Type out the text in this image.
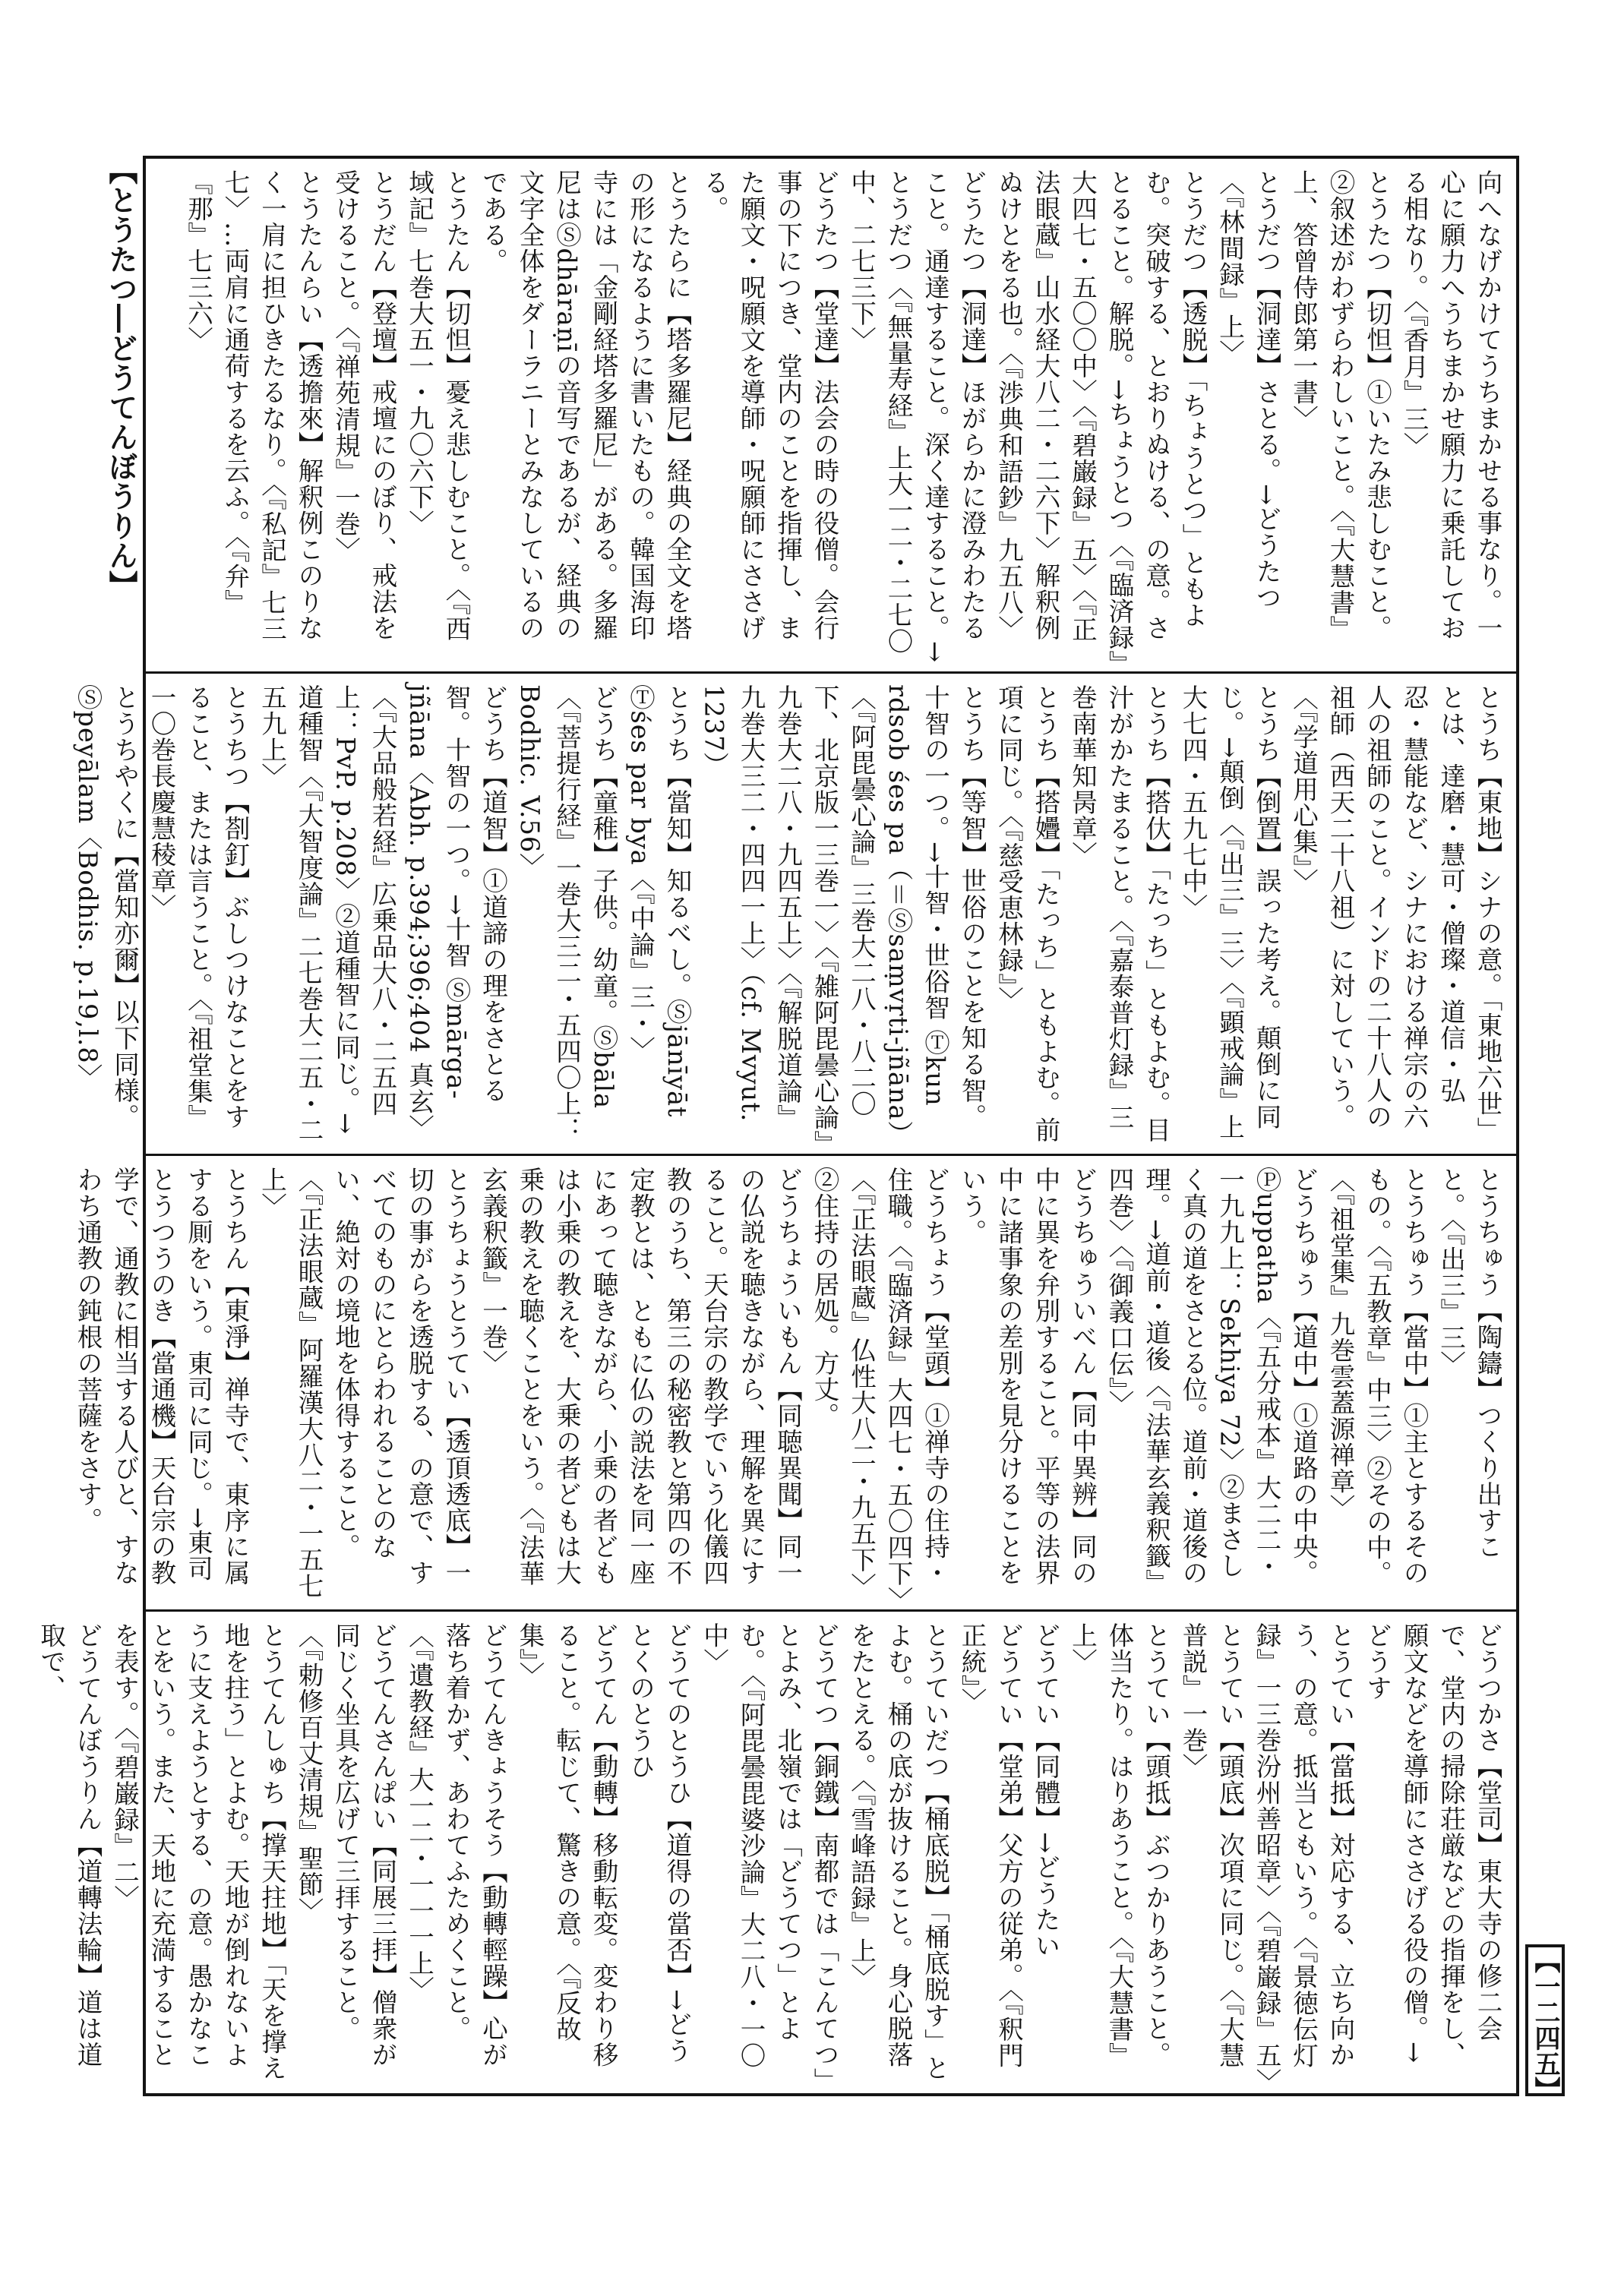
【とうたつ―どうてんぼうりん】	向へなげかけてうちまかせる事なり。一心に願力へうちまかせ願力に乗託しておる相なり。〈『香月』三〉とうたつ【切怛】①いたみ悲しむこと。②叙述がわずらわしいこと。〈『大慧書』上、答曾侍郎第一書〉とうだつ【洞達】さとる。→どうたつ〈『林間録』上〉とうだつ【透脱】「ちょうとつ」ともよむ。突破する、とおりぬける、の意。さとること。解脱。→ちょうとつ〈『臨済録』大四七・五〇〇中〉〈『碧巌録』五〉〈『正法眼蔵』山水経大八二・二六下〉解釈例ぬけとをる也。〈『渉典和語鈔』九五八〉どうたつ【洞達】ほがらかに澄みわたること。通達すること。深く達すること。→とうだつ〈『無量寿経』上大一二・二七〇中、二七三下〉どうたつ【堂達】法会の時の役僧。会行事の下につき、堂内のことを指揮し、また願文・呪願文を導師・呪願師にささげる。とうたらに【塔多羅尼】経典の全文を塔の形になるように書いたもの。韓国海印寺には「金剛経塔多羅尼」がある。多羅尼はⓈdhāraṇīの音写であるが、経典の文字全体をダーラニーとみなしているのである。とうたん【切怛】憂え悲しむこと。〈『西域記』七巻大五一・九〇六下〉とうだん【登壇】戒壇にのぼり、戒法を受けること。〈『禅苑清規』一巻〉とうたんらい【透擔來】解釈例このりなく一肩に担ひきたるなり。〈『私記』七三七〉…両肩に通荷するを云ふ。〈『弁』『那』七三六〉
とうち【東地】シナの意。「東地六世」とは、達磨・慧可・僧璨・道信・弘忍・慧能など、シナにおける禅宗の六人の祖師のこと。インドの二十八人の祖師（西天二十八祖）に対していう。〈『学道用心集』〉とうち【倒置】誤った考え。顛倒に同じ。→顛倒〈『出三』三〉〈『顕戒論』上大七四・五九七中〉とうち【搭㐲】「たっち」ともよむ。目汁がかたまること。〈『嘉泰普灯録』三巻南華知昺章〉とうち【搭㜼】「たっち」ともよむ。前項に同じ。〈『慈受恵林録』〉とうち【等智】世俗のことを知る智。十智の一つ。→十智・世俗智 Ⓣkun rdsob śes pa（＝Ⓢsaṃvṛti-jñāna）〈『阿毘曇心論』三巻大二八・八二〇下、北京版一三巻一〉〈『雑阿毘曇心論』九巻大二八・九四五上〉〈『解脱道論』九巻大三二・四四一上〉（cf. Mvyut. 1237）とうち【當知】知るべし。Ⓢjānīyāt Ⓣśes par bya〈『中論』三・〉どうち【童稚】子供。幼童。Ⓢbāla〈『菩提行経』一巻大三二・五四〇上：Bodhic. V.56〉どうち【道智】①道諦の理をさとる智。十智の一つ。→十智 Ⓢmārga-jñāna〈Abh. p.394;396;404 真玄〉〈『大品般若経』広乗品大八・二五四上：PvP. p.208〉②道種智に同じ。→道種智〈『大智度論』二七巻大二五・二五九上〉とうちつ【剳釘】ぶしつけなことをすること、または言うこと。〈『祖堂集』一〇巻長慶慧稜章〉とうちやくに【當知亦爾】以下同様。Ⓢpeyālam〈Bodhis. p.19,l.8〉
とうちゅう【陶鑄】つくり出すこと。〈『出三』三〉とうちゅう【當中】①主とするそのもの。〈『五教章』中三〉②その中。〈『祖堂集』九巻雲蓋源禅章〉どうちゅう【道中】①道路の中央。Ⓟuppatha〈『五分戒本』大二二・一九九上：Sekhiya 72〉②まさしく真の道をさとる位。道前・道後の理。→道前・道後〈『法華玄義釈籤』四巻〉〈『御義口伝』〉どうちゅういべん【同中異辨】同の中に異を弁別すること。平等の法界中に諸事象の差別を見分けることをいう。どうちょう【堂頭】①禅寺の住持・住職。〈『臨済録』大四七・五〇四下〉〈『正法眼蔵』仏性大八二・九五下〉②住持の居処。方丈。どうちょういもん【同聴異聞】同一の仏説を聴きながら、理解を異にすること。天台宗の教学でいう化儀四教のうち、第三の秘密教と第四の不定教とは、ともに仏の説法を同一座にあって聴きながら、小乗の者どもは小乗の教えを、大乗の者どもは大乗の教えを聴くことをいう。〈『法華玄義釈籤』一巻〉とうちょうとうてい【透頂透底】一切の事がらを透脱する、の意で、すべてのものにとらわれることのない、絶対の境地を体得すること。〈『正法眼蔵』阿羅漢大八二・一五七上〉とうちん【東淨】禅寺で、東序に属する厠をいう。東司に同じ。→東司とうつうのき【當通機】天台宗の教学で、通教に相当する人びと、すなわち通教の鈍根の菩薩をさす。
どうつかさ【堂司】東大寺の修二会で、堂内の掃除荘厳などの指揮をし、願文などを導師にささげる役の僧。→どうすとうてい【當抵】対応する、立ち向かう、の意。抵当ともいう。〈『景徳伝灯録』一三巻汾州善昭章〉〈『碧巌録』五〉とうてい【頭底】次項に同じ。〈『大慧普説』一巻〉とうてい【頭抵】ぶつかりあうこと。体当たり。はりあうこと。〈『大慧書』上〉どうてい【同體】→どうたいどうてい【堂弟】父方の従弟。〈『釈門正統』〉とうていだつ【桶底脱】「桶底脱す」とよむ。桶の底が抜けること。身心脱落をたとえる。〈『雪峰語録』上〉どうてつ【銅鐵】南都では「こんてつ」とよみ、北嶺では「どうてつ」とよむ。〈『阿毘曇毘婆沙論』大二八・一〇中〉どうてのとうひ【道得の當否】→どうとくのとうひどうてん【動轉】移動転変。変わり移ること。転じて、驚きの意。〈『反故集』〉どうてんきょうそう【動轉輕躁】心が落ち着かず、あわてふためくこと。〈『遺教経』大一二・一一一上〉どうてんさんぱい【同展三拝】僧衆が同じく坐具を広げて三拝すること。〈『勅修百丈清規』聖節〉とうてんしゅち【撑天拄地】「天を撑え地を拄う」とよむ。天地が倒れないように支えようとする、の意。愚かなことをいう。また、天地に充満することを表す。〈『碧巌録』二〉どうてんぼうりん【道轉法輪】道は道取で、
【一二四五】
